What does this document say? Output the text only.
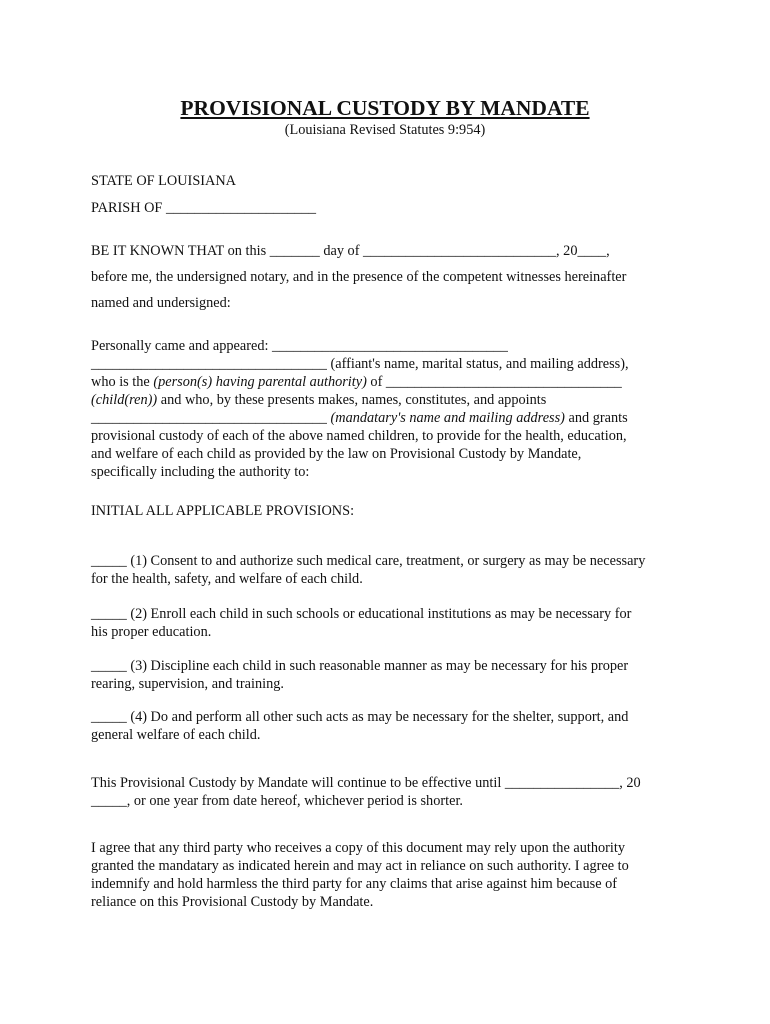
PROVISIONAL CUSTODY BY MANDATE
(Louisiana Revised Statutes 9:954)
STATE OF LOUISIANA
PARISH OF _____________________
BE IT KNOWN THAT on this _______ day of ___________________________, 20____,
before me, the undersigned notary, and in the presence of the competent witnesses hereinafter
named and undersigned:
Personally came and appeared: _________________________________
_________________________________ (affiant's name, marital status, and mailing address),
who is the (person(s) having parental authority) of _________________________________
(child(ren)) and who, by these presents makes, names, constitutes, and appoints
_________________________________ (mandatary's name and mailing address) and grants
provisional custody of each of the above named children, to provide for the health, education,
and welfare of each child as provided by the law on Provisional Custody by Mandate,
specifically including the authority to:
INITIAL ALL APPLICABLE PROVISIONS:
_____ (1) Consent to and authorize such medical care, treatment, or surgery as may be necessary
for the health, safety, and welfare of each child.
_____ (2) Enroll each child in such schools or educational institutions as may be necessary for
his proper education.
_____ (3) Discipline each child in such reasonable manner as may be necessary for his proper
rearing, supervision, and training.
_____ (4) Do and perform all other such acts as may be necessary for the shelter, support, and
general welfare of each child.
This Provisional Custody by Mandate will continue to be effective until ________________, 20
_____, or one year from date hereof, whichever period is shorter.
I agree that any third party who receives a copy of this document may rely upon the authority
granted the mandatary as indicated herein and may act in reliance on such authority. I agree to
indemnify and hold harmless the third party for any claims that arise against him because of
reliance on this Provisional Custody by Mandate.
